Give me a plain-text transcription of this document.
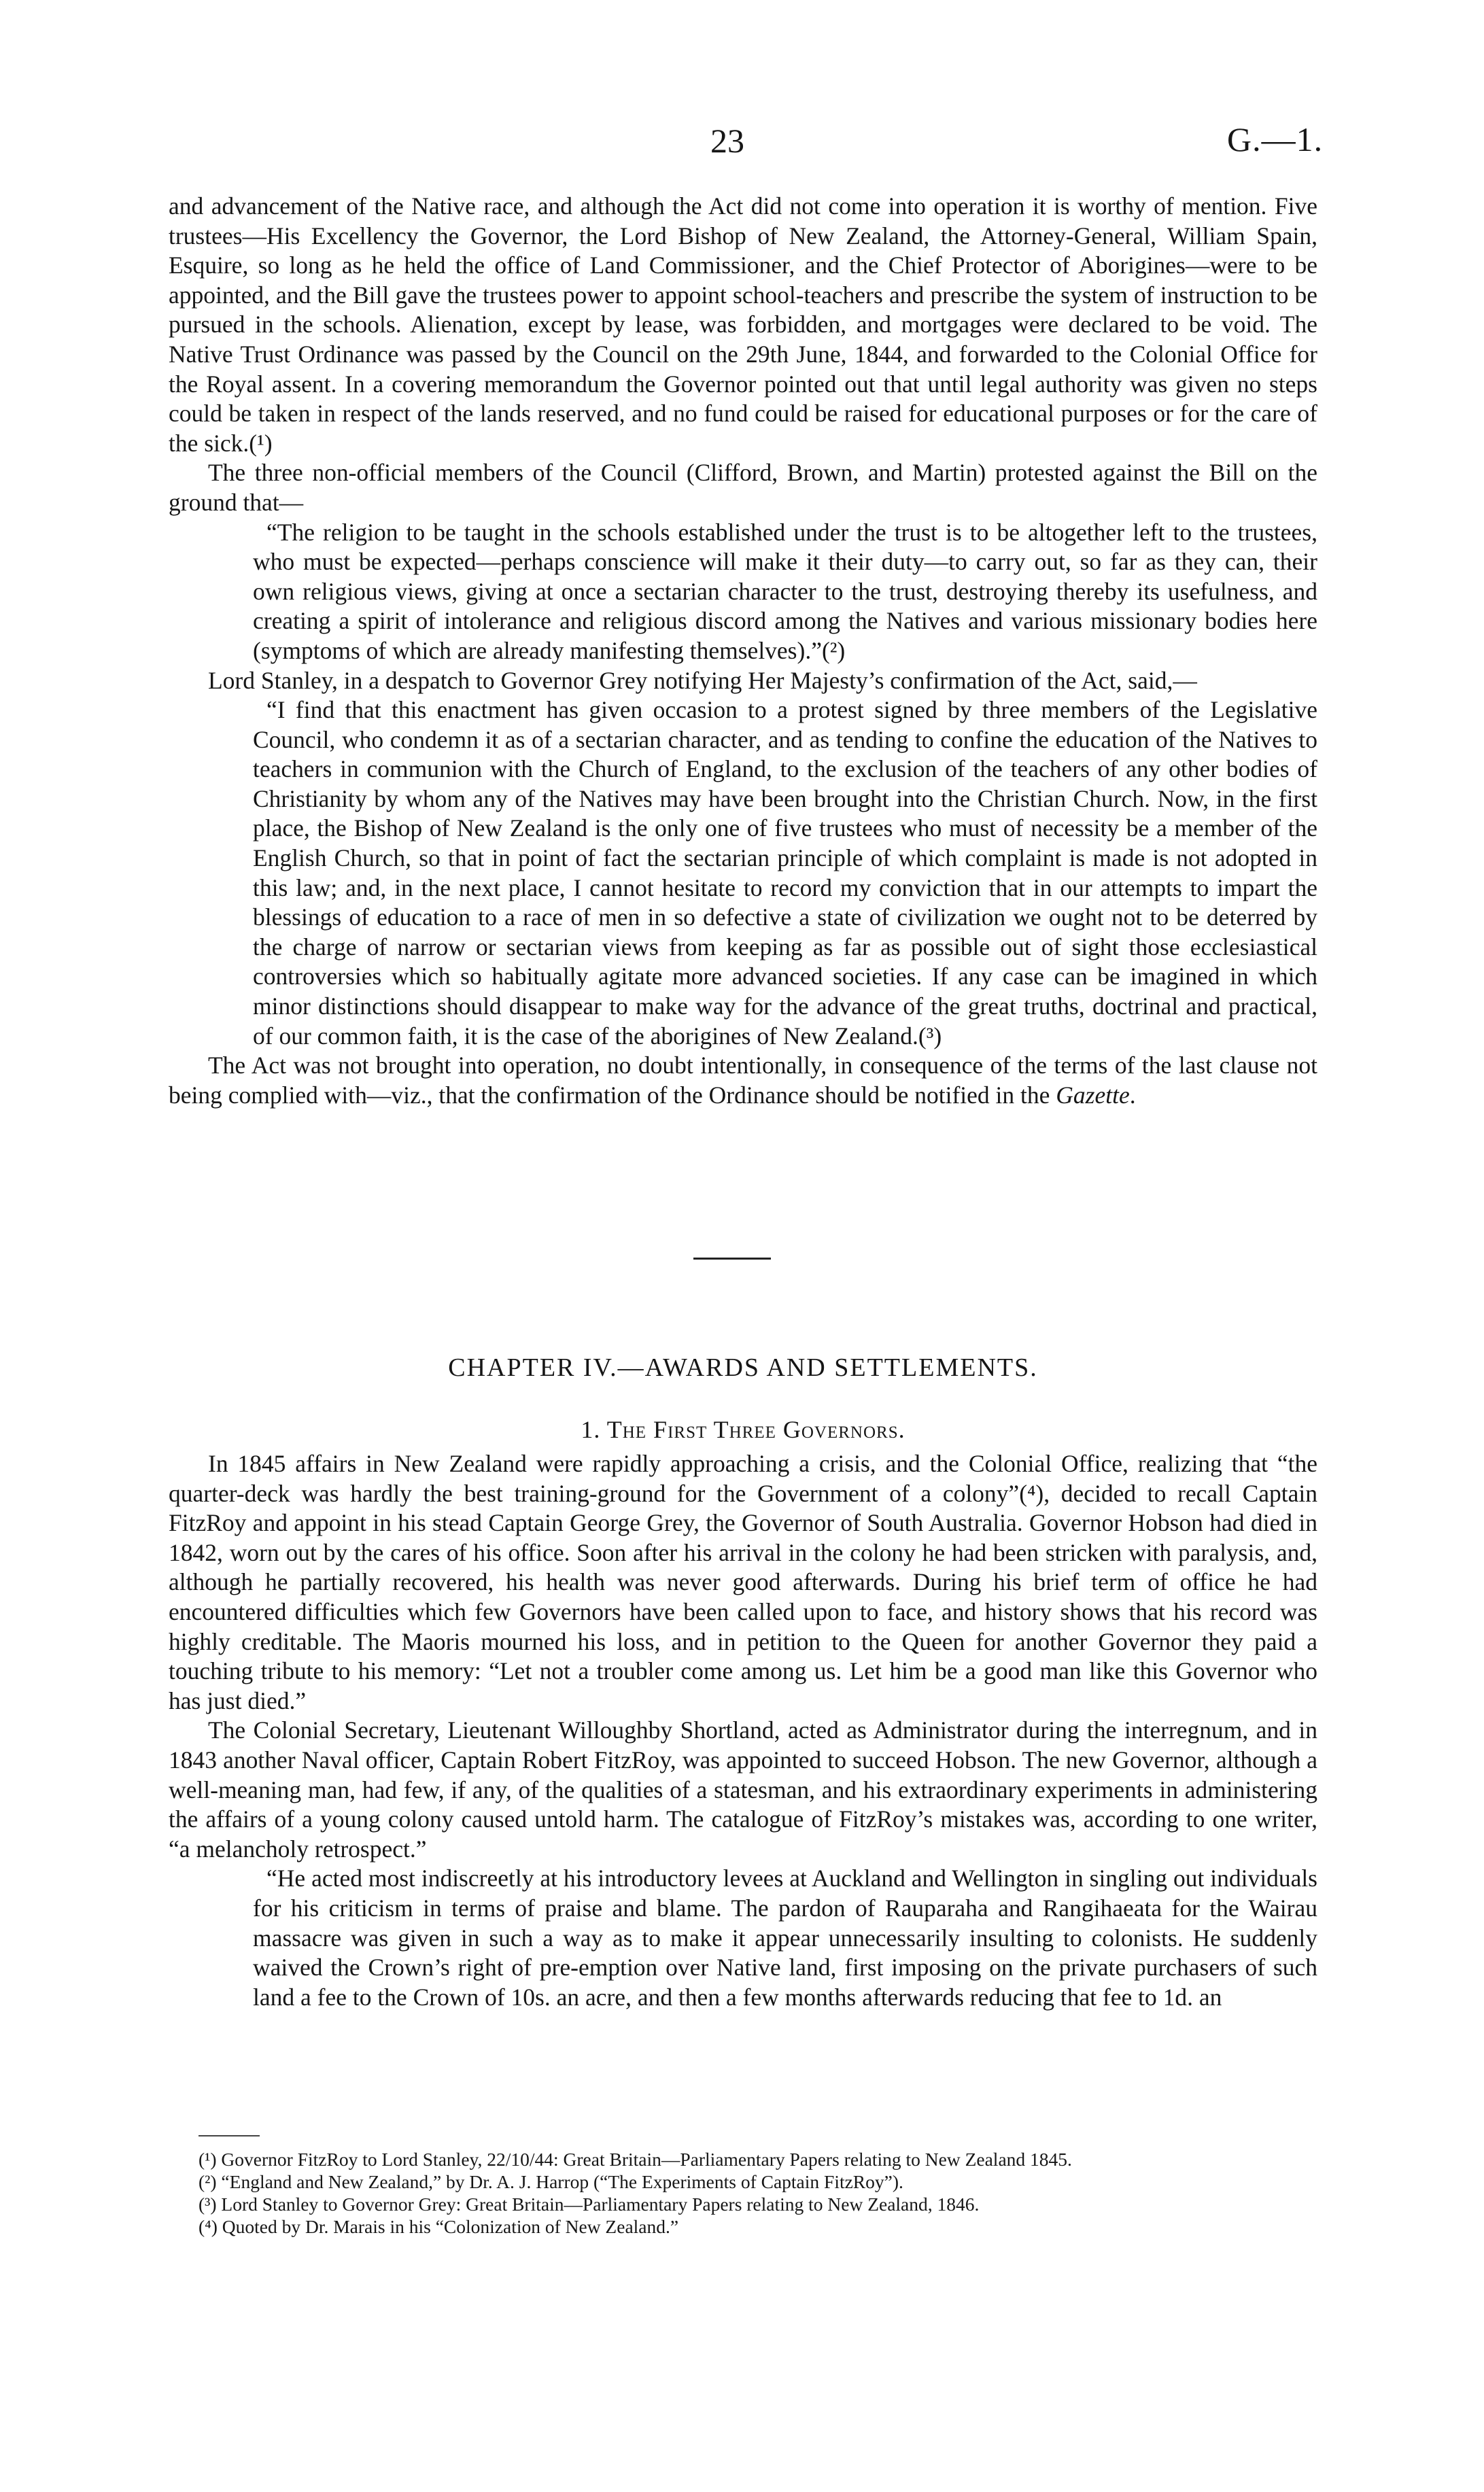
23	G.—1.

and advancement of the Native race, and although the Act did not come into operation it is worthy of mention. Five trustees—His Excellency the Governor, the Lord Bishop of New Zealand, the Attorney-General, William Spain, Esquire, so long as he held the office of Land Commissioner, and the Chief Protector of Aborigines—were to be appointed, and the Bill gave the trustees power to appoint school-teachers and prescribe the system of instruction to be pursued in the schools. Alienation, except by lease, was forbidden, and mortgages were declared to be void. The Native Trust Ordinance was passed by the Council on the 29th June, 1844, and forwarded to the Colonial Office for the Royal assent. In a covering memorandum the Governor pointed out that until legal authority was given no steps could be taken in respect of the lands reserved, and no fund could be raised for educational purposes or for the care of the sick.(¹)

The three non-official members of the Council (Clifford, Brown, and Martin) protested against the Bill on the ground that—

“The religion to be taught in the schools established under the trust is to be altogether left to the trustees, who must be expected—perhaps conscience will make it their duty—to carry out, so far as they can, their own religious views, giving at once a sectarian character to the trust, destroying thereby its usefulness, and creating a spirit of intolerance and religious discord among the Natives and various missionary bodies here (symptoms of which are already manifesting themselves).”(²)

Lord Stanley, in a despatch to Governor Grey notifying Her Majesty’s confirmation of the Act, said,—

“I find that this enactment has given occasion to a protest signed by three members of the Legislative Council, who condemn it as of a sectarian character, and as tending to confine the education of the Natives to teachers in communion with the Church of England, to the exclusion of the teachers of any other bodies of Christianity by whom any of the Natives may have been brought into the Christian Church. Now, in the first place, the Bishop of New Zealand is the only one of five trustees who must of necessity be a member of the English Church, so that in point of fact the sectarian principle of which complaint is made is not adopted in this law; and, in the next place, I cannot hesitate to record my conviction that in our attempts to impart the blessings of education to a race of men in so defective a state of civilization we ought not to be deterred by the charge of narrow or sectarian views from keeping as far as possible out of sight those ecclesiastical controversies which so habitually agitate more advanced societies. If any case can be imagined in which minor distinctions should disappear to make way for the advance of the great truths, doctrinal and practical, of our common faith, it is the case of the aborigines of New Zealand.(³)

The Act was not brought into operation, no doubt intentionally, in consequence of the terms of the last clause not being complied with—viz., that the confirmation of the Ordinance should be notified in the Gazette.

CHAPTER IV.—AWARDS AND SETTLEMENTS.
1. The First Three Governors.

In 1845 affairs in New Zealand were rapidly approaching a crisis, and the Colonial Office, realizing that “the quarter-deck was hardly the best training-ground for the Government of a colony”(⁴), decided to recall Captain FitzRoy and appoint in his stead Captain George Grey, the Governor of South Australia. Governor Hobson had died in 1842, worn out by the cares of his office. Soon after his arrival in the colony he had been stricken with paralysis, and, although he partially recovered, his health was never good afterwards. During his brief term of office he had encountered difficulties which few Governors have been called upon to face, and history shows that his record was highly creditable. The Maoris mourned his loss, and in petition to the Queen for another Governor they paid a touching tribute to his memory: “Let not a troubler come among us. Let him be a good man like this Governor who has just died.”

The Colonial Secretary, Lieutenant Willoughby Shortland, acted as Administrator during the interregnum, and in 1843 another Naval officer, Captain Robert FitzRoy, was appointed to succeed Hobson. The new Governor, although a well-meaning man, had few, if any, of the qualities of a statesman, and his extraordinary experiments in administering the affairs of a young colony caused untold harm. The catalogue of FitzRoy’s mistakes was, according to one writer, “a melancholy retrospect.”

“He acted most indiscreetly at his introductory levees at Auckland and Wellington in singling out individuals for his criticism in terms of praise and blame. The pardon of Rauparaha and Rangihaeata for the Wairau massacre was given in such a way as to make it appear unnecessarily insulting to colonists. He suddenly waived the Crown’s right of pre-emption over Native land, first imposing on the private purchasers of such land a fee to the Crown of 10s. an acre, and then a few months afterwards reducing that fee to 1d. an

(¹) Governor FitzRoy to Lord Stanley, 22/10/44: Great Britain—Parliamentary Papers relating to New Zealand 1845.

(²) “England and New Zealand,” by Dr. A. J. Harrop (“The Experiments of Captain FitzRoy”).

(³) Lord Stanley to Governor Grey: Great Britain—Parliamentary Papers relating to New Zealand, 1846.

(⁴) Quoted by Dr. Marais in his “Colonization of New Zealand.”
